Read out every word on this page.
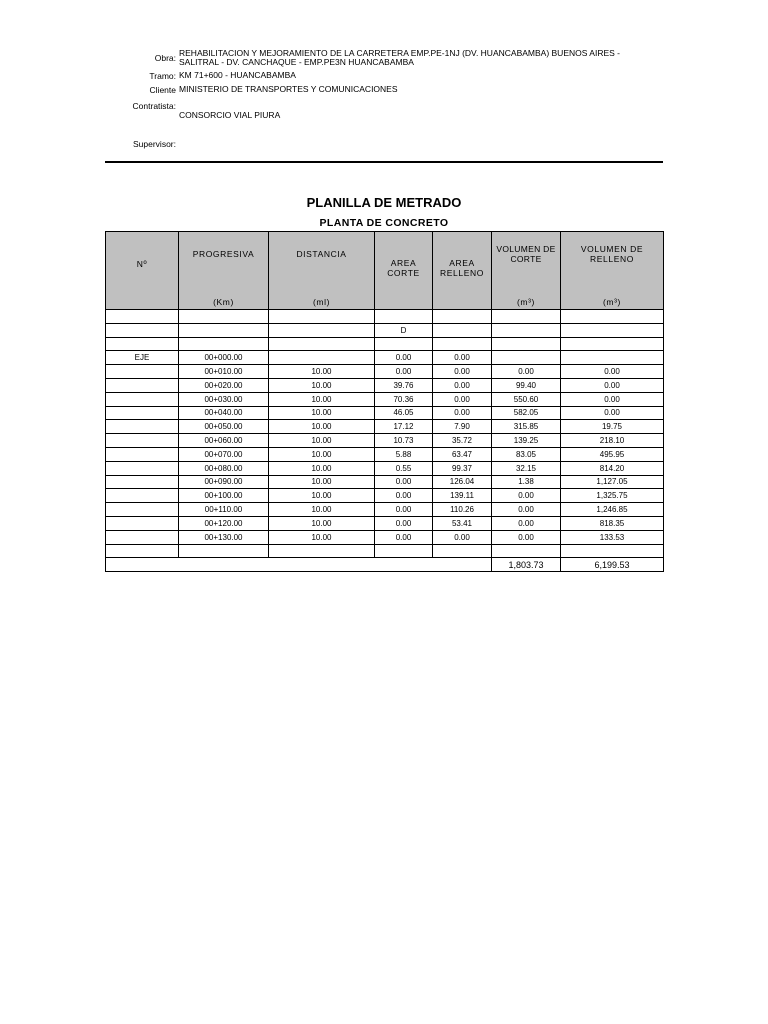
Obra: REHABILITACION Y MEJORAMIENTO DE LA CARRETERA EMP.PE-1NJ (DV. HUANCABAMBA) BUENOS AIRES -
SALITRAL - DV. CANCHAQUE - EMP.PE3N HUANCABAMBA
Tramo: KM 71+600 - HUANCABAMBA
Cliente MINISTERIO DE TRANSPORTES Y COMUNICACIONES
Contratista:
CONSORCIO VIAL PIURA
Supervisor:
PLANILLA DE METRADO
PLANTA DE CONCRETO
Nº	PROGRESIVA	DISTANCIA	AREA CORTE	AREA RELLENO	VOLUMEN DE CORTE	VOLUMEN DE RELLENO
	(Km)	(ml)			(m³)	(m³)

			D			

EJE	00+000.00		0.00	0.00		
	00+010.00	10.00	0.00	0.00	0.00	0.00
	00+020.00	10.00	39.76	0.00	99.40	0.00
	00+030.00	10.00	70.36	0.00	550.60	0.00
	00+040.00	10.00	46.05	0.00	582.05	0.00
	00+050.00	10.00	17.12	7.90	315.85	19.75
	00+060.00	10.00	10.73	35.72	139.25	218.10
	00+070.00	10.00	5.88	63.47	83.05	495.95
	00+080.00	10.00	0.55	99.37	32.15	814.20
	00+090.00	10.00	0.00	126.04	1.38	1,127.05
	00+100.00	10.00	0.00	139.11	0.00	1,325.75
	00+110.00	10.00	0.00	110.26	0.00	1,246.85
	00+120.00	10.00	0.00	53.41	0.00	818.35
	00+130.00	10.00	0.00	0.00	0.00	133.53

					1,803.73	6,199.53
